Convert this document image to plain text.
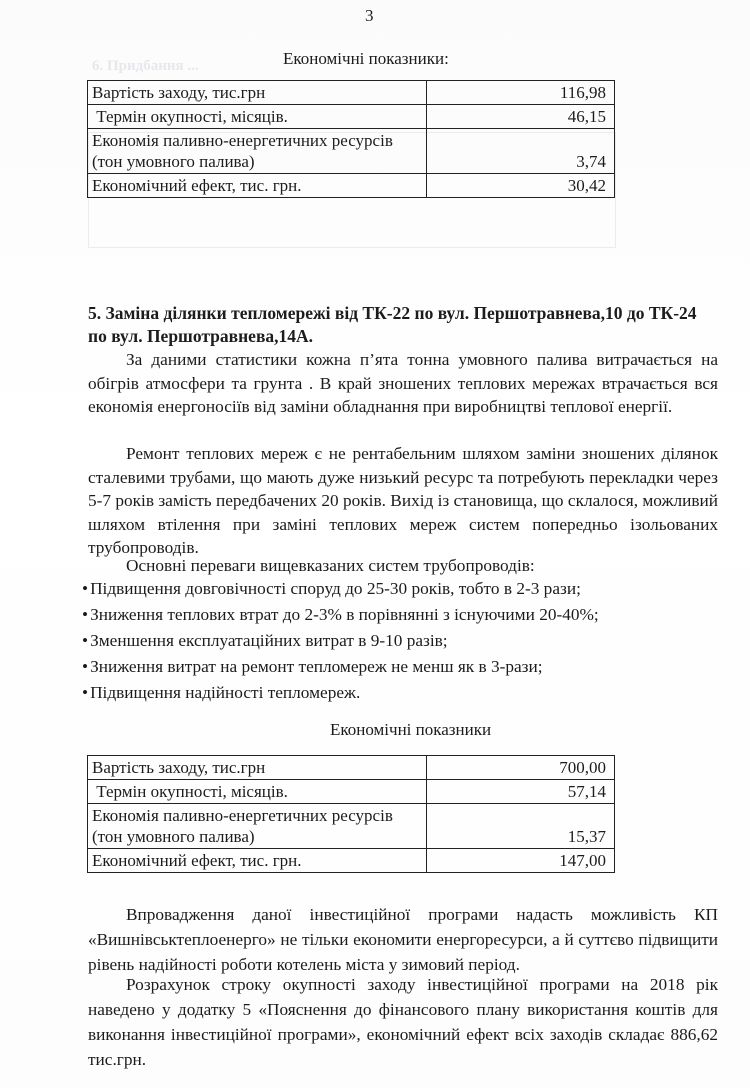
6. Придбання ...
3
Економічні показники:
Вартість заходу, тис.грн	116,98
Термін окупності, місяців.	46,15
Економія паливно-енергетичних ресурсів (тон умовного палива)	3,74
Економічний ефект, тис. грн.	30,42
5. Заміна ділянки тепломережі від ТК-22 по вул. Першотравнева,10 до ТК-24 по вул. Першотравнева,14А.
За даними статистики кожна п’ята тонна умовного палива витрачається на обігрів атмосфери та грунта . В край зношених теплових мережах втрачається вся економія енергоносіїв від заміни обладнання при виробництві теплової енергії.
Ремонт теплових мереж є не рентабельним шляхом заміни зношених ділянок сталевими трубами, що мають дуже низький ресурс та потребують перекладки через 5-7 років замість передбачених 20 років. Вихід із становища, що склалося, можливий шляхом втілення при заміні теплових мереж систем попередньо ізольованих трубопроводів.
Основні переваги вищевказаних систем трубопроводів:
• Підвищення довговічності споруд до 25-30 років, тобто в 2-3 рази;
• Зниження теплових втрат до 2-3% в порівнянні з існуючими 20-40%;
• Зменшення експлуатаційних витрат в 9-10 разів;
• Зниження витрат на ремонт тепломереж не менш як в 3-рази;
• Підвищення надійності тепломереж.
Економічні показники
Вартість заходу, тис.грн	700,00
Термін окупності, місяців.	57,14
Економія паливно-енергетичних ресурсів (тон умовного палива)	15,37
Економічний ефект, тис. грн.	147,00
Впровадження даної інвестиційної програми надасть можливість КП «Вишнівськтеплоенерго» не тільки економити енергоресурси, а й суттєво підвищити рівень надійності роботи котелень міста у зимовий період.
Розрахунок строку окупності заходу інвестиційної програми на 2018 рік наведено у додатку 5 «Пояснення до фінансового плану використання коштів для виконання інвестиційної програми», економічний ефект всіх заходів складає 886,62 тис.грн.
